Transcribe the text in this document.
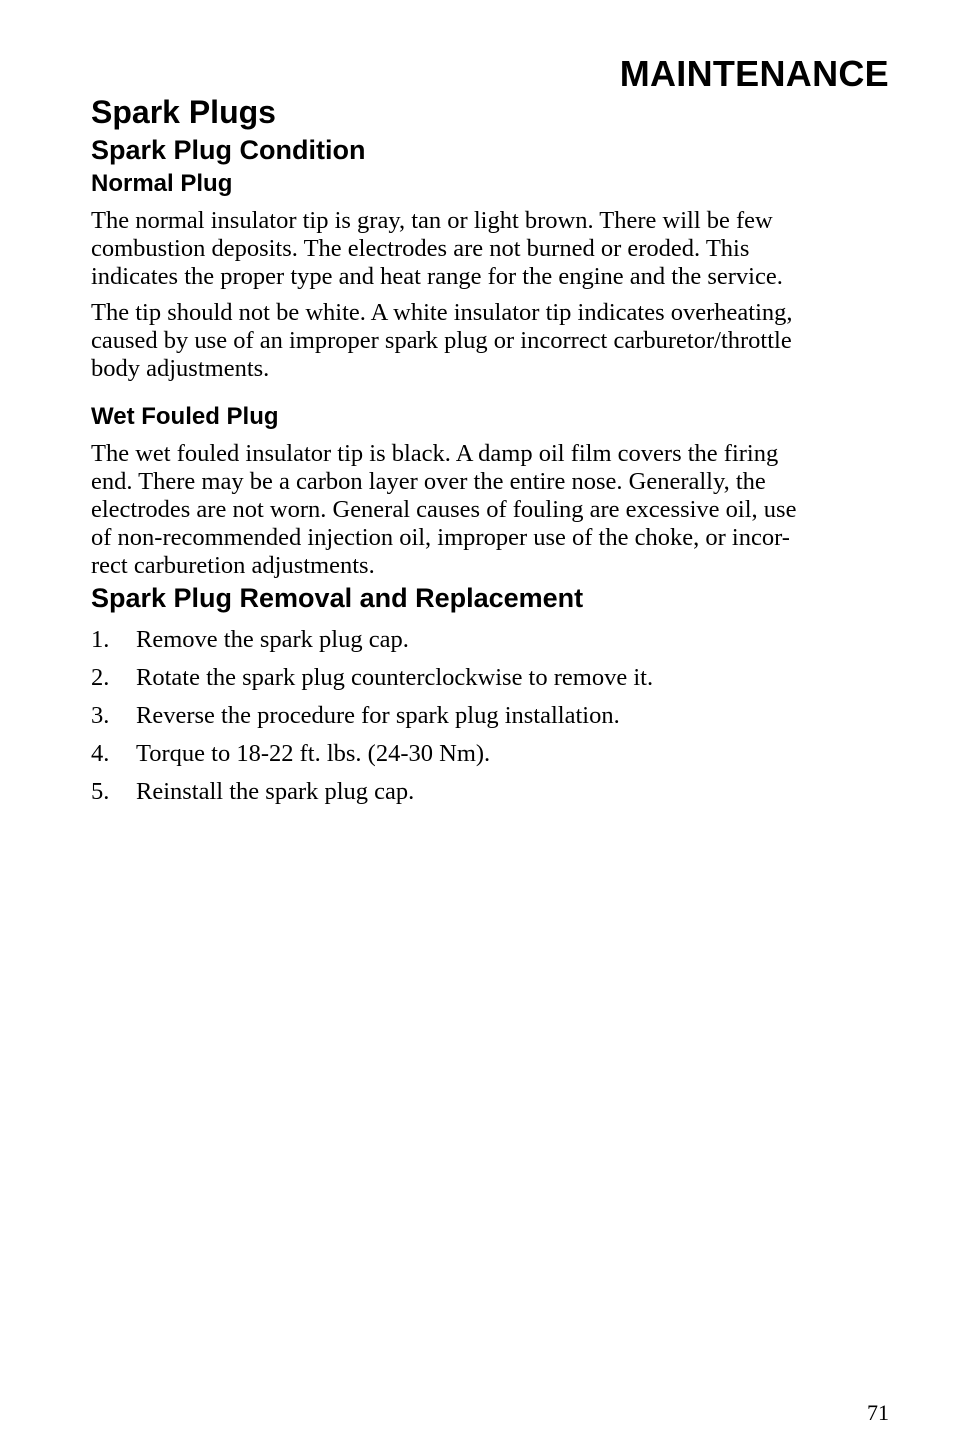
MAINTENANCE
Spark Plugs
Spark Plug Condition
Normal Plug

The normal insulator tip is gray, tan or light brown. There will be few
combustion deposits. The electrodes are not burned or eroded. This
indicates the proper type and heat range for the engine and the service.

The tip should not be white. A white insulator tip indicates overheating,
caused by use of an improper spark plug or incorrect carburetor/throttle
body adjustments.

Wet Fouled Plug

The wet fouled insulator tip is black. A damp oil film covers the firing
end. There may be a carbon layer over the entire nose. Generally, the
electrodes are not worn. General causes of fouling are excessive oil, use
of non-recommended injection oil, improper use of the choke, or incor-
rect carburetion adjustments.

Spark Plug Removal and Replacement
1.	Remove the spark plug cap.
2.	Rotate the spark plug counterclockwise to remove it.
3.	Reverse the procedure for spark plug installation.
4.	Torque to 18-22 ft. lbs. (24-30 Nm).
5.	Reinstall the spark plug cap.
71
